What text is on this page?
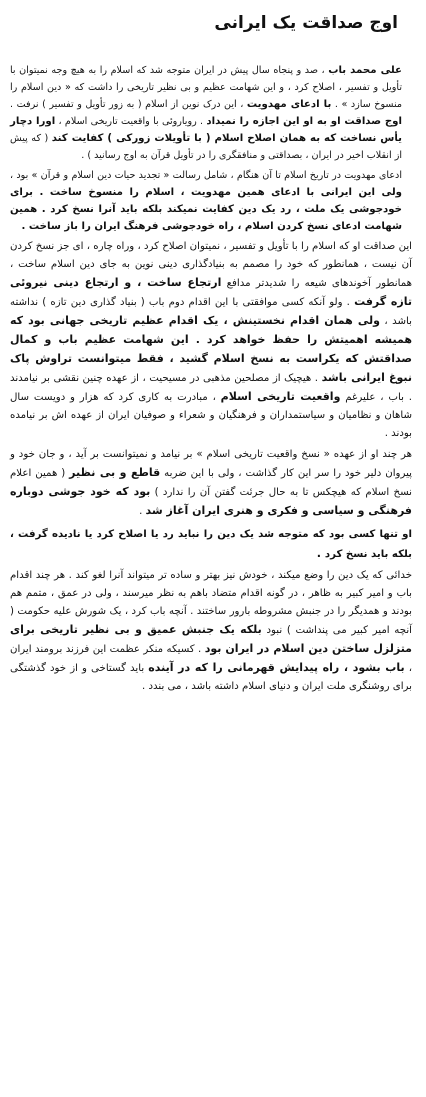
اوج صداقت یک ایرانی
علی محمد باب ، صد و پنجاه سال پیش در ایران متوجه شد که اسلام را به هیچ وجه نمیتوان با تأویل و تفسیر ، اصلاح کرد ، و این شهامت عظیم و بی نظیر تاریخی را داشت که « دین اسلام را منسوخ سازد » . با ادعای مهدویت ، این درک نوین از اسلام ( به زور تأویل و تفسیر ) نرفت . اوج صداقت او به او این اجازه را نمیداد . رویاروئی با واقعیت تاریخی اسلام ، اورا دچار یأس نساخت که به همان اصلاح اسلام ( با تأویلات زورکی ) کفایت کند ( که پیش از انقلاب اخیر در ایران ، بصداقتی و منافقگری را در تأویل قرآن به اوج رسانید ) .
ادعای مهدویت در تاریخ اسلام تا آن هنگام ، شامل رسالت « تجدید حیات دین اسلام و قرآن » بود ، ولی این ایرانی با ادعای همین مهدویت ، اسلام را منسوخ ساخت . برای خودجوشی یک ملت ، رد یک دین کفایت نمیکند بلکه باید آنرا نسخ کرد . همین شهامت ادعای نسخ کردن اسلام ، راه خودجوشی فرهنگ ایران را باز ساخت .
این صداقت او که اسلام را با تأویل و تفسیر ، نمیتوان اصلاح کرد ، وراه چاره ، ای جز نسخ کردن آن نیست ، همانطور که خود را مصمم به بنیادگذاری دینی نوین به جای دین اسلام ساخت ، همانطور آخوندهای شیعه را شدیدتر مدافع ارتجاع ساخت ، و ارتجاع دینی نیروئی تازه گرفت . ولو آنکه کسی موافقتی با این اقدام دوم باب ( بنیاد گذاری دین تازه ) نداشته باشد ، ولی همان اقدام نخستینش ، یک اقدام عظیم تاریخی جهانی بود که همیشه اهمیتش را حفظ خواهد کرد . این شهامت عظیم باب و کمال صداقتش که یکراست به نسخ اسلام گشید ، فقط میتوانست تراوش پاک نبوغ ایرانی باشد . هیچیک از مصلحین مذهبی در مسیحیت ، از عهده چنین نقشی بر نیامدند . باب ، علیرغم واقعیت تاریخی اسلام ، مبادرت به کاری کرد که هزار و دویست سال شاهان و نظامیان و سیاستمداران و فرهنگیان و شعراء و صوفیان ایران از عهده اش بر نیامده بودند .
هر چند او از عهده « نسخ واقعیت تاریخی اسلام » بر نیامد و نمیتوانست بر آید ، و جان خود و پیروان دلیر خود را سر این کار گذاشت ، ولی با این ضربه قاطع و بی نظیر ( همین اعلام نسخ اسلام که هیچکس تا به حال جرئت گفتن آن را ندارد ) بود که خود جوشی دوباره فرهنگی و سیاسی و فکری و هنری ایران آغاز شد .
او تنها کسی بود که متوجه شد یک دین را نباید رد یا اصلاح کرد یا نادیده گرفت ، بلکه باید نسخ کرد .
خدائی که یک دین را وضع میکند ، خودش نیز بهتر و ساده تر میتواند آنرا لغو کند . هر چند اقدام باب و امیر کبیر به ظاهر ، در گونه اقدام متضاد باهم به نظر میرسند ، ولی در عمق ، متمم هم بودند و همدیگر را در جنبش مشروطه بارور ساختند . آنچه باب کرد ، یک شورش علیه حکومت ( آنچه امیر کبیر می پنداشت ) نبود بلکه یک جنبش عمیق و بی نظیر تاریخی برای متزلزل ساختن دین اسلام در ایران بود . کسیکه منکر عظمت این فرزند برومند ایران ، باب بشود ، راه پیدایش قهرمانی را که در آینده باید گستاخی و از خود گذشتگی برای روشنگری ملت ایران و دنیای اسلام داشته باشد ، می بندد .
